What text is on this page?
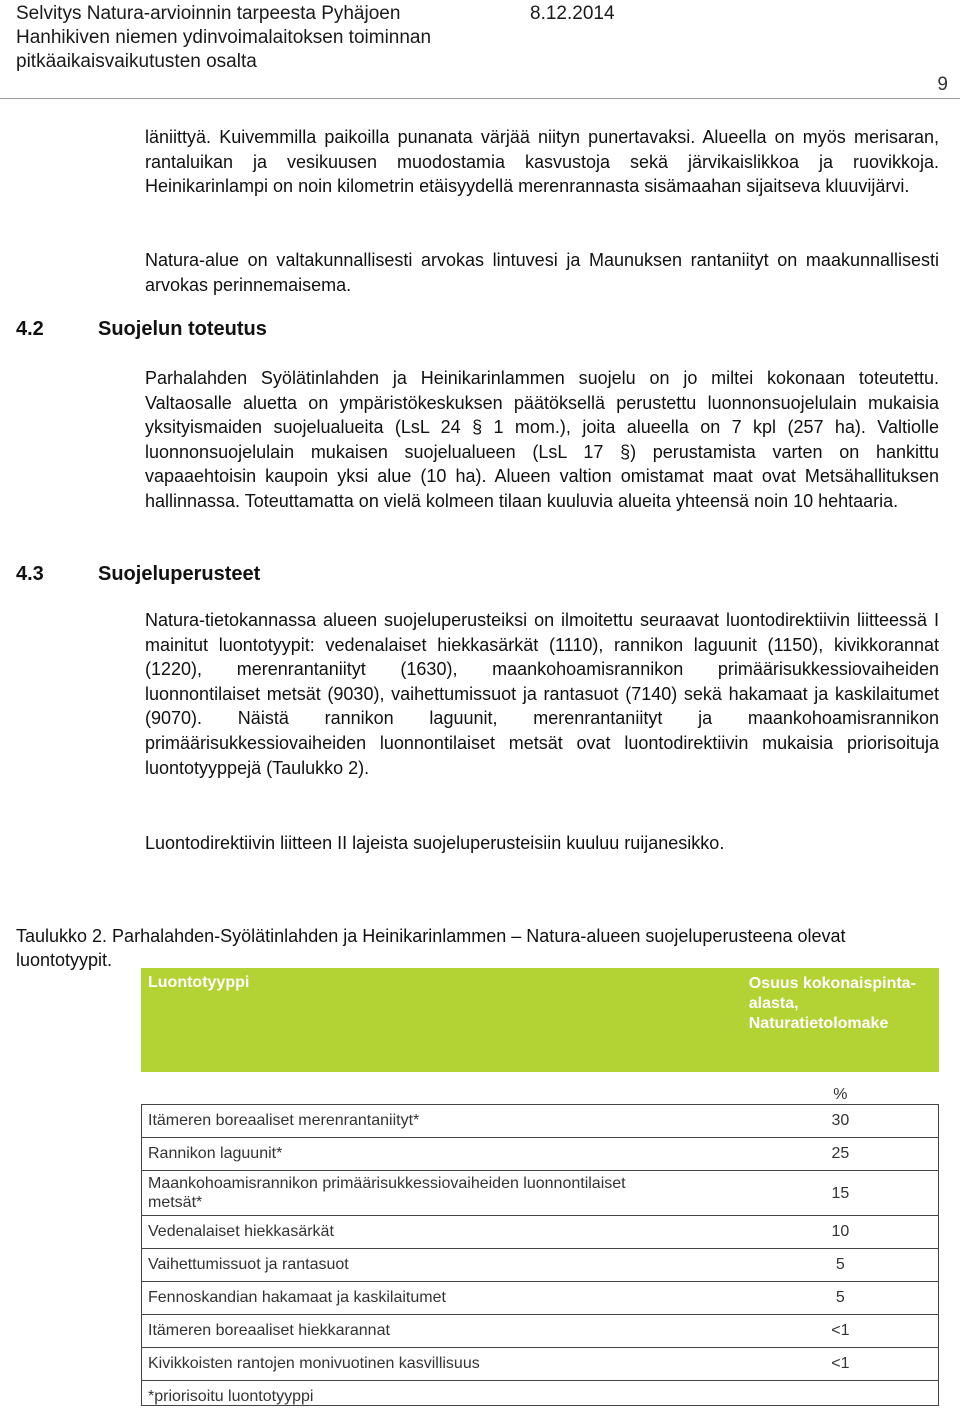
Selvitys Natura-arvioinnin tarpeesta Pyhäjoen	8.12.2014
Hanhikiven niemen ydinvoimalaitoksen toiminnan
pitkäaikaisvaikutusten osalta
9
läniittyä. Kuivemmilla paikoilla punanata värjää niityn punertavaksi. Alueella on myös merisaran, rantaluikan ja vesikuusen muodostamia kasvustoja sekä järvikaislikkoa ja ruovikkoja. Heinikarinlampi on noin kilometrin etäisyydellä merenrannasta sisämaahan sijaitseva kluuvijärvi.
Natura-alue on valtakunnallisesti arvokas lintuvesi ja Maunuksen rantaniityt on maakunnallisesti arvokas perinnemaisema.
4.2	Suojelun toteutus
Parhalahden Syölätinlahden ja Heinikarinlammen suojelu on jo miltei kokonaan toteutettu. Valtaosalle aluetta on ympäristökeskuksen päätöksellä perustettu luonnonsuojelulain mukaisia yksityismaiden suojelualueita (LsL 24 § 1 mom.), joita alueella on 7 kpl (257 ha). Valtiolle luonnonsuojelulain mukaisen suojelualueen (LsL 17 §) perustamista varten on hankittu vapaaehtoisin kaupoin yksi alue (10 ha). Alueen valtion omistamat maat ovat Metsähallituksen hallinnassa. Toteuttamatta on vielä kolmeen tilaan kuuluvia alueita yhteensä noin 10 hehtaaria.
4.3	Suojeluperusteet
Natura-tietokannassa alueen suojeluperusteiksi on ilmoitettu seuraavat luontodirektiivin liitteessä I mainitut luontotyypit: vedenalaiset hiekkasärkät (1110), rannikon laguunit (1150), kivikkorannat (1220), merenrantaniityt (1630), maankohoamisrannikon primäärisukkessiovaiheiden luonnontilaiset metsät (9030), vaihettumissuot ja rantasuot (7140) sekä hakamaat ja kaskilaitumet (9070). Näistä rannikon laguunit, merenrantaniityt ja maankohoamisrannikon primäärisukkessiovaiheiden luonnontilaiset metsät ovat luontodirektiivin mukaisia priorisoituja luontotyyppejä (Taulukko 2).
Luontodirektiivin liitteen II lajeista suojeluperusteisiin kuuluu ruijanesikko.
Taulukko 2. Parhalahden-Syölätinlahden ja Heinikarinlammen – Natura-alueen suojeluperusteena olevat luontotyypit.
Luontotyyppi	Osuus kokonaispinta-alasta, Naturatietolomake

	%
Itämeren boreaaliset merenrantaniityt*	30
Rannikon laguunit*	25
Maankohoamisrannikon primäärisukkessiovaiheiden luonnontilaiset metsät*	15
Vedenalaiset hiekkasärkät	10
Vaihettumissuot ja rantasuot	5
Fennoskandian hakamaat ja kaskilaitumet	5
Itämeren boreaaliset hiekkarannat	<1
Kivikkoisten rantojen monivuotinen kasvillisuus	<1
*priorisoitu luontotyyppi	
